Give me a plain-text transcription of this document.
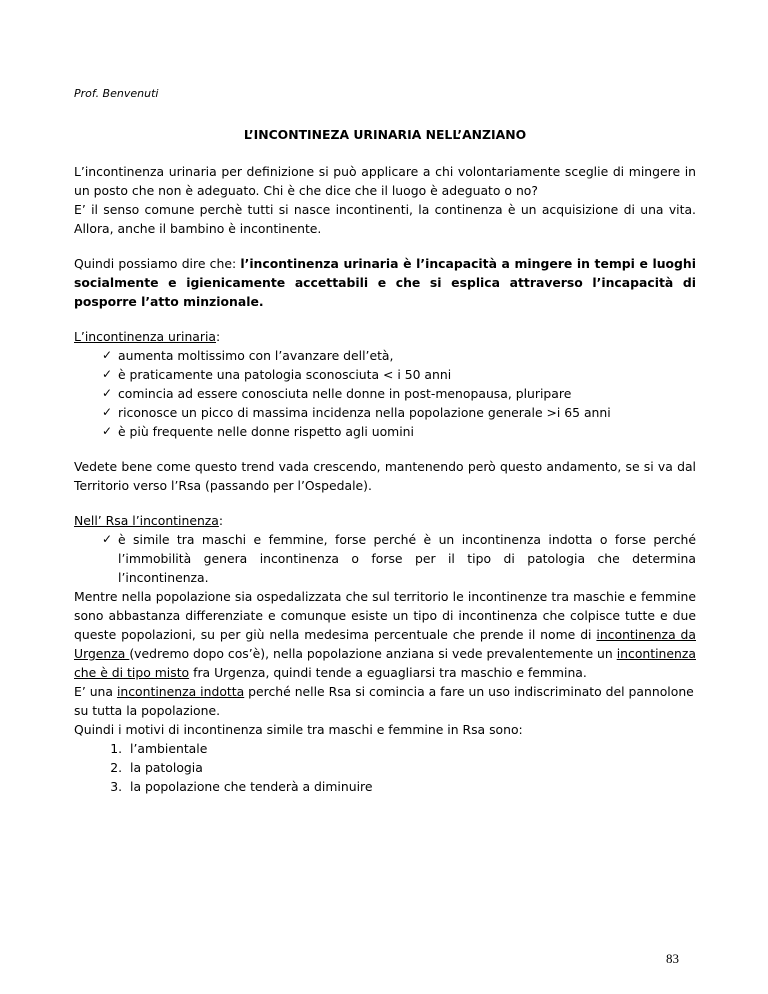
Prof. Benvenuti
L’INCONTINEZA URINARIA NELL’ANZIANO

L’incontinenza urinaria per definizione si può applicare a chi volontariamente sceglie di mingere in un posto che non è adeguato. Chi è che dice che il luogo è adeguato o no?

E’ il senso comune perchè tutti si nasce incontinenti, la continenza è un acquisizione di una vita. Allora, anche il bambino è incontinente.

Quindi possiamo dire che: l’incontinenza urinaria è l’incapacità a mingere in tempi e luoghi socialmente e igienicamente accettabili e che si esplica attraverso l’incapacità di posporre l’atto minzionale.

L’incontinenza urinaria:

✓ aumenta moltissimo con l’avanzare dell’età,
✓ è praticamente una patologia sconosciuta < i 50 anni
✓ comincia ad essere conosciuta nelle donne in post-menopausa, pluripare
✓ riconosce un picco di massima incidenza nella popolazione generale >i 65 anni
✓ è più frequente nelle donne rispetto agli uomini

Vedete bene come questo trend vada crescendo, mantenendo però questo andamento, se si va dal Territorio verso l’Rsa (passando per l’Ospedale).

Nell’ Rsa l’incontinenza:

✓ è simile tra maschi e femmine, forse perché è un incontinenza indotta o forse perché l’immobilità genera incontinenza o forse per il tipo di patologia che determina l’incontinenza.

Mentre nella popolazione sia ospedalizzata che sul territorio le incontinenze tra maschie e femmine sono abbastanza differenziate e comunque esiste un tipo di incontinenza che colpisce tutte e due queste popolazioni, su per giù nella medesima percentuale che prende il nome di incontinenza da Urgenza (vedremo dopo cos’è), nella popolazione anziana si vede prevalentemente un incontinenza che è di tipo misto fra Urgenza, quindi tende a eguagliarsi tra maschio e femmina.

E’ una incontinenza indotta perché nelle Rsa si comincia a fare un uso indiscriminato del pannolone su tutta la popolazione.

Quindi i motivi di incontinenza simile tra maschi e femmine in Rsa sono:

1. l’ambientale
2. la patologia
3. la popolazione che tenderà a diminuire
83
